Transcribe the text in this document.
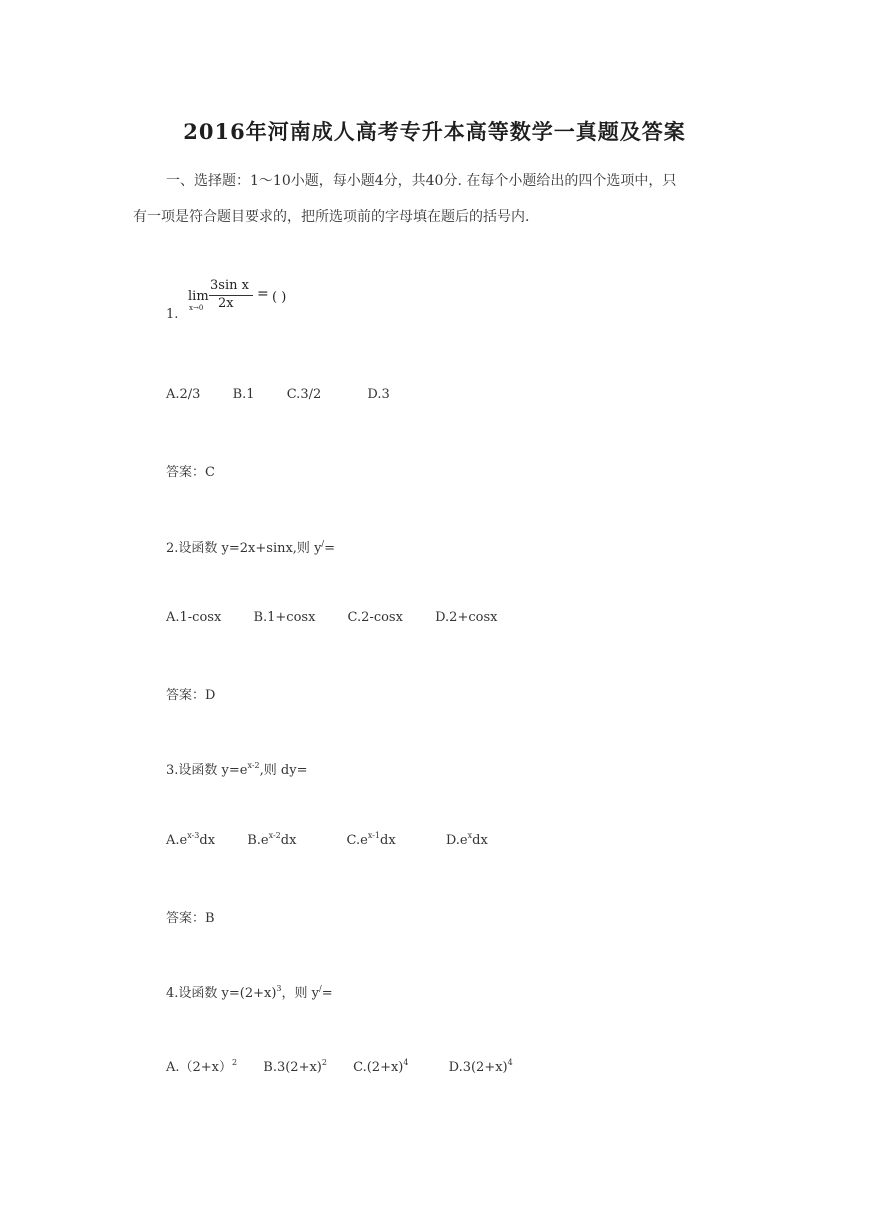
2016年河南成人高考专升本高等数学一真题及答案
一、选择题：1～10小题，每小题4分，共40分. 在每个小题给出的四个选项中，只
有一项是符合题目要求的，把所选项前的字母填在题后的括号内.
lim
x→0
3sin x
2x
= ( )
1.
A.2/3 B.1 C.3/2	D.3
答案：C
2.设函数 y=2x+sinx,则 y/=
A.1-cosx B.1+cosx C.2-cosx D.2+cosx
答案：D
3.设函数 $y=e^{x-2}$,则 dy=
$A.e^{x-3}dx$ $B.e^{x-2}dx$	$C.e^{x-1}dx$	$D.e^xdx$
答案：B
4.设函数 $y=(2+x)^3$，则 y/=
$A.(2+x)^2$ $B.3(2+x)^2$ $C.(2+x)^4$	$D.3(2+x)^4$
